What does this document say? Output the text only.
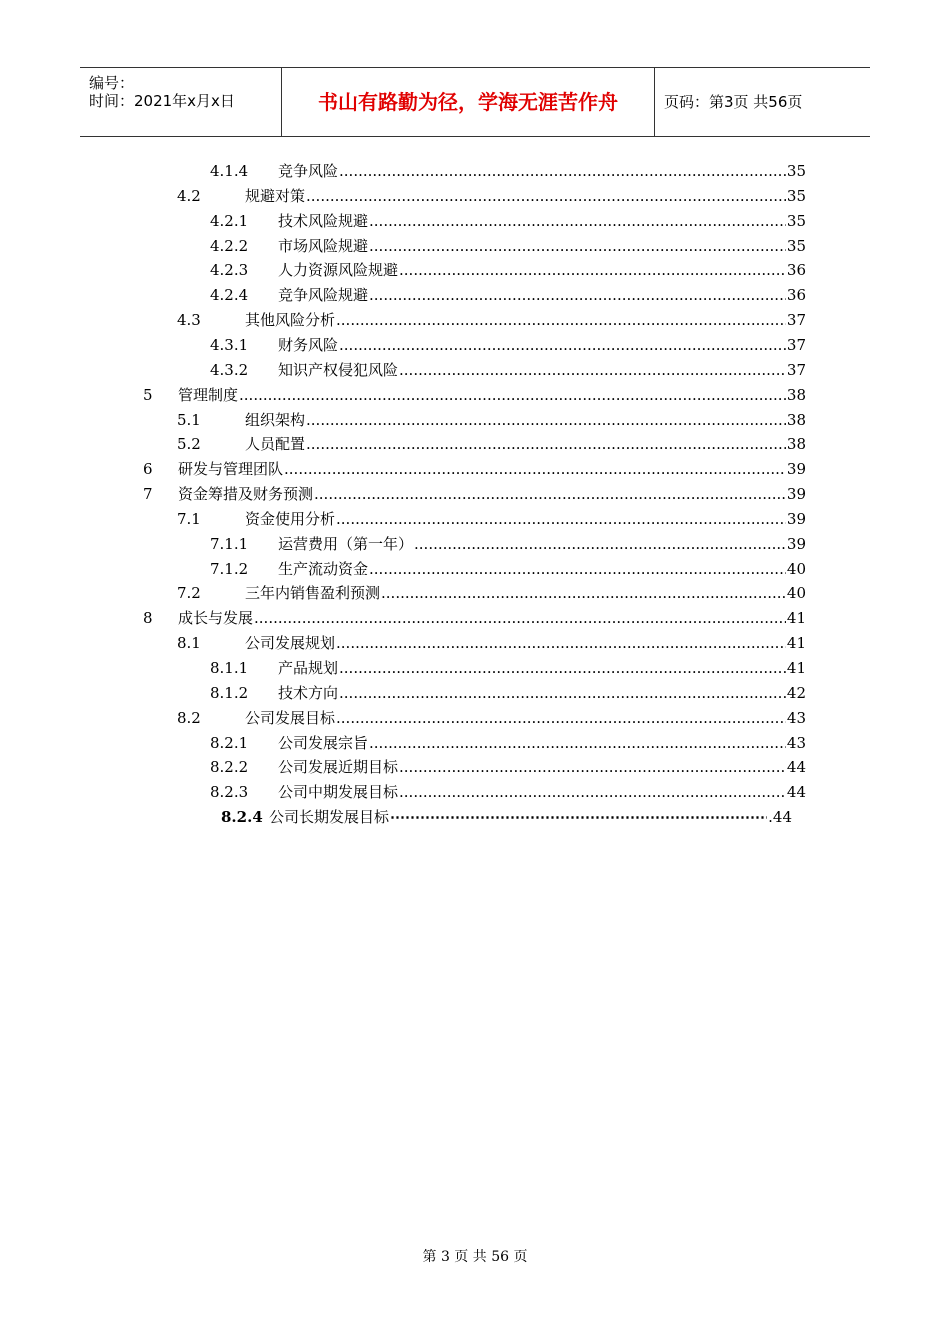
编号：
时间：2021年x月x日	书山有路勤为径，学海无涯苦作舟	页码：第3页 共56页
4.1.4	竞争风险 .....	35
4.2	规避对策 .....	35
4.2.1	技术风险规避 .....	35
4.2.2	市场风险规避 .....	35
4.2.3	人力资源风险规避 .....	36
4.2.4	竞争风险规避 .....	36
4.3	其他风险分析 .....	37
4.3.1	财务风险 .....	37
4.3.2	知识产权侵犯风险 .....	37
5	管理制度 .....	38
5.1	组织架构 .....	38
5.2	人员配置 .....	38
6	研发与管理团队 .....	39
7	资金筹措及财务预测 .....	39
7.1	资金使用分析 .....	39
7.1.1	运营费用（第一年） .....	39
7.1.2	生产流动资金 .....	40
7.2	三年内销售盈利预测 .....	40
8	成长与发展 .....	41
8.1	公司发展规划 .....	41
8.1.1	产品规划 .....	41
8.1.2	技术方向 .....	42
8.2	公司发展目标 .....	43
8.2.1	公司发展宗旨 .....	43
8.2.2	公司发展近期目标 .....	44
8.2.3	公司中期发展目标 .....	44
8.2.4 公司长期发展目标 ⋯⋯⋯⋯⋯⋯⋯⋯⋯⋯⋯⋯⋯⋯⋯⋯⋯⋯⋯⋯⋯⋯⋯⋯⋯⋯⋯⋯⋯⋯⋯⋯⋯⋯⋯⋯⋯⋯⋯⋯⋯⋯⋯⋯⋯⋯⋯⋯⋯⋯	.44
第 3 页 共 56 页
